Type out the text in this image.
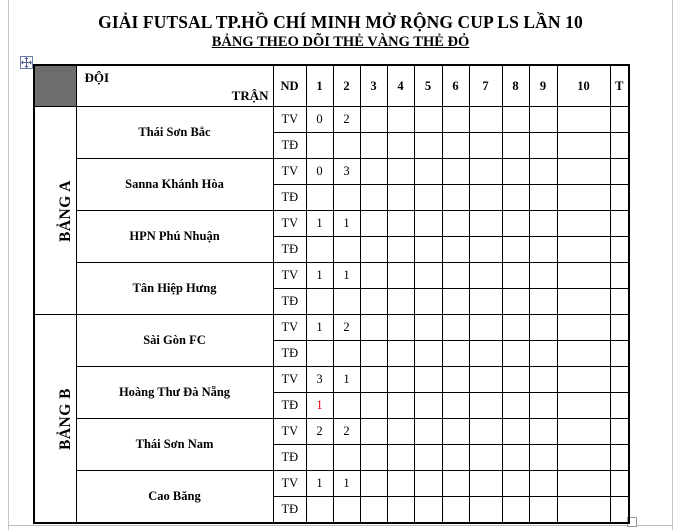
GIẢI FUTSAL TP.HỒ CHÍ MINH MỞ RỘNG CUP LS LẦN 10
BẢNG THEO DÕI THẺ VÀNG THẺ ĐỎ

	ĐỘI
TRẬN	ND	1	2	3	4	5	6	7	8	9	10	T
BẢNG A	Thái Sơn Bắc	TV	0	2									
		TĐ											
	Sanna Khánh Hòa	TV	0	3									
		TĐ											
	HPN Phú Nhuận	TV	1	1									
		TĐ											
	Tân Hiệp Hưng	TV	1	1									
		TĐ											
BẢNG B	Sài Gòn FC	TV	1	2									
		TĐ											
	Hoàng Thư Đà Nẵng	TV	3	1									
		TĐ	1										
	Thái Sơn Nam	TV	2	2									
		TĐ											
	Cao Băng	TV	1	1									
		TĐ											
